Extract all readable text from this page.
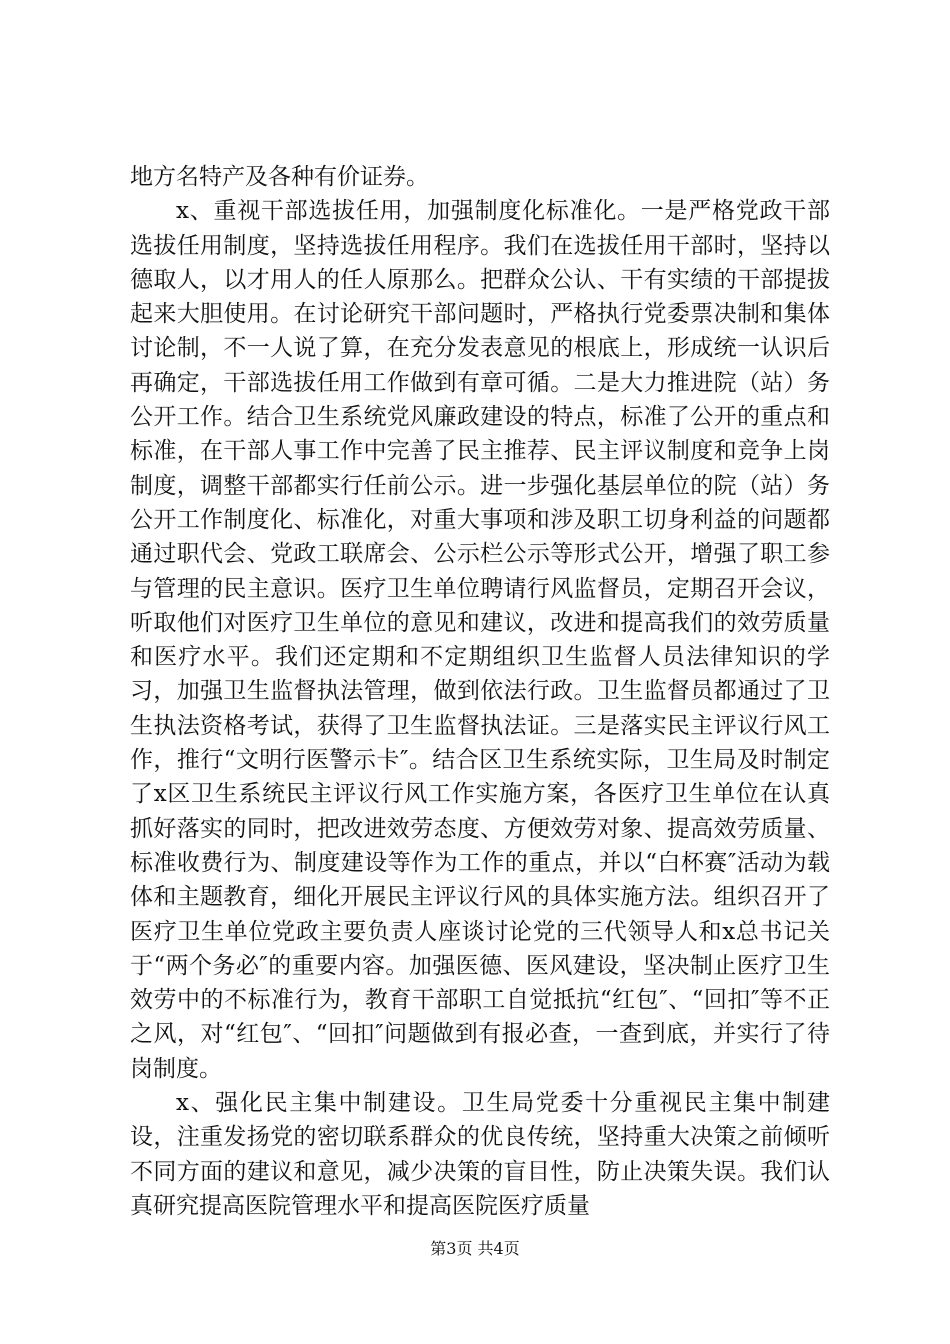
地方名特产及各种有价证券。

x、重视干部选拔任用，加强制度化标准化。一是严格党政干部选拔任用制度，坚持选拔任用程序。我们在选拔任用干部时，坚持以德取人，以才用人的任人原那么。把群众公认、干有实绩的干部提拔起来大胆使用。在讨论研究干部问题时，严格执行党委票决制和集体讨论制，不一人说了算，在充分发表意见的根底上，形成统一认识后再确定，干部选拔任用工作做到有章可循。二是大力推进院（站）务公开工作。结合卫生系统党风廉政建设的特点，标准了公开的重点和标准，在干部人事工作中完善了民主推荐、民主评议制度和竞争上岗制度，调整干部都实行任前公示。进一步强化基层单位的院（站）务公开工作制度化、标准化，对重大事项和涉及职工切身利益的问题都通过职代会、党政工联席会、公示栏公示等形式公开，增强了职工参与管理的民主意识。医疗卫生单位聘请行风监督员，定期召开会议，听取他们对医疗卫生单位的意见和建议，改进和提高我们的效劳质量和医疗水平。我们还定期和不定期组织卫生监督人员法律知识的学习，加强卫生监督执法管理，做到依法行政。卫生监督员都通过了卫生执法资格考试，获得了卫生监督执法证。三是落实民主评议行风工作，推行“文明行医警示卡″。结合区卫生系统实际，卫生局及时制定了x区卫生系统民主评议行风工作实施方案，各医疗卫生单位在认真抓好落实的同时，把改进效劳态度、方便效劳对象、提高效劳质量、标准收费行为、制度建设等作为工作的重点，并以“白杯赛″活动为载体和主题教育，细化开展民主评议行风的具体实施方法。组织召开了医疗卫生单位党政主要负责人座谈讨论党的三代领导人和x总书记关于“两个务必″的重要内容。加强医德、医风建设，坚决制止医疗卫生效劳中的不标准行为，教育干部职工自觉抵抗“红包″、“回扣″等不正之风，对“红包″、“回扣″问题做到有报必查，一查到底，并实行了待岗制度。

x、强化民主集中制建设。卫生局党委十分重视民主集中制建设，注重发扬党的密切联系群众的优良传统，坚持重大决策之前倾听不同方面的建议和意见，减少决策的盲目性，防止决策失误。我们认真研究提高医院管理水平和提高医院医疗质量

第3页 共4页
